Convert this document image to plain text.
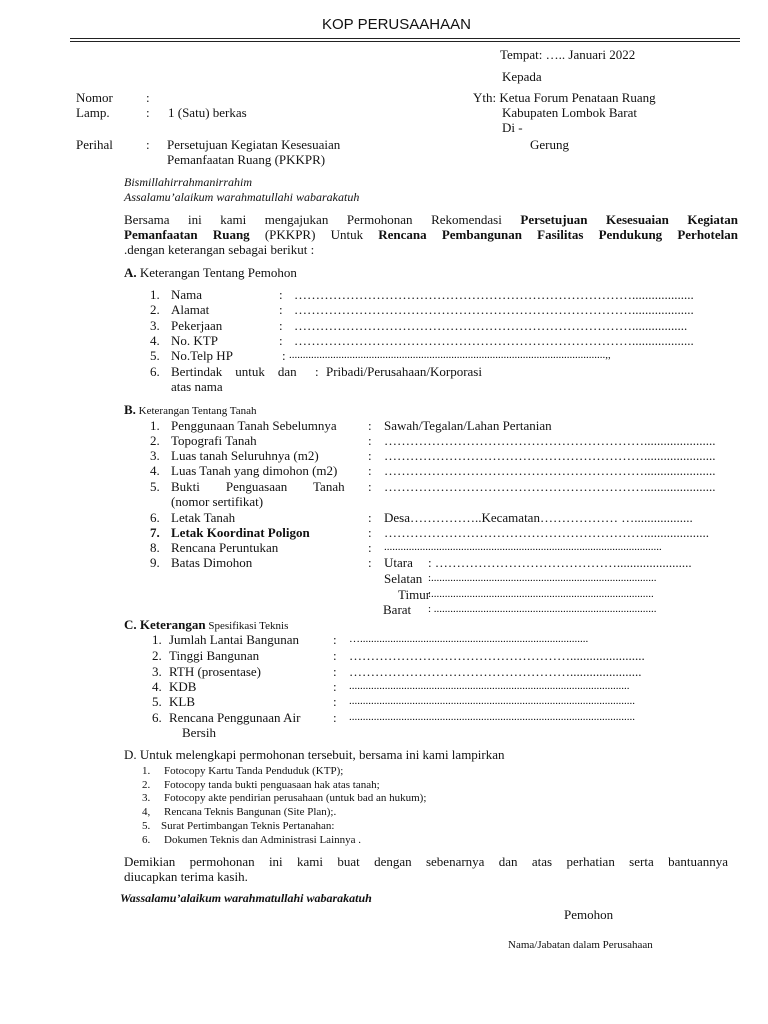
KOP PERUSAAHAAN
Tempat: ….. Januari 2022
Kepada
Yth: Ketua Forum Penataan Ruang
Kabupaten Lombok Barat
Di -
Gerung
Nomor	:
Lamp.	: 1 (Satu) berkas
Perihal	: Persetujuan Kegiatan Kesesuaian
Pemanfaatan Ruang (PKKPR)
Bismillahirrahmanirrahim
Assalamu’alaikum warahmatullahi wabarakatuh
Bersama ini kami mengajukan Permohonan Rekomendasi Persetujuan Kesesuaian Kegiatan
Pemanfaatan Ruang (PKKPR) Untuk Rencana Pembangunan Fasilitas Pendukung Perhotelan
.dengan keterangan sebagai berikut :
A. Keterangan Tentang Pemohon
1. Nama	: ……………………………………………………………………...................
2. Alamat	: ……………………………………………………………………...................
3. Pekerjaan	: …………………………………………………………………….................
4. No. KTP	: ……………………………………………………………………...................
5. No.Telp HP	: ...................................................................................................................,,
6. Bertindak    untuk    dan
atas nama
: Pribadi/Perusahaan/Korporasi
B. Keterangan Tentang Tanah
1. Penggunaan Tanah Sebelumnya : Sawah/Tegalan/Lahan Pertanian
2. Topografi Tanah	: ……………………………………………………......................
3. Luas tanah Seluruhnya (m2)	: ……………………………………………………......................
4. Luas Tanah yang dimohon (m2) : ……………………………………………………......................
5. Bukti        Penguasaan        Tanah
(nomor sertifikat)
: ……………………………………………………......................
6. Letak Tanah	: Desa……………..Kecamatan……………… …..................
7. Letak Koordinat Poligon	: ……………………………………………………....................
8. Rencana Peruntukan	: .....................................................................................................
9. Batas Dimohon	: Utara : …………………………………….......................
Selatan :..................................................................................
Timur
:.................................................................................
Barat : .................................................................................
C. Keterangan Spesifikasi Teknis
1. Jumlah Lantai Bangunan	: …...................................................................................
2. Tinggi Bangunan	: …………………………………………….......................
3. RTH (prosentase)	: ……………………………………………......................
4. KDB	: ......................................................................................................
5. KLB	: ........................................................................................................
6. Rencana Penggunaan Air
Bersih
: ........................................................................................................
D. Untuk melengkapi permohonan tersebuit, bersama ini kami lampirkan
1. Fotocopy Kartu Tanda Penduduk (KTP);
2. Fotocopy tanda bukti penguasaan hak atas tanah;
3. Fotocopy akte pendirian perusahaan (untuk bad an hukum);
4, Rencana Teknis Bangunan (Site Plan);.
5. Surat Pertimbangan Teknis Pertanahan:
6. Dokumen Teknis dan Administrasi Lainnya .
Demikian permohonan ini kami buat dengan sebenarnya dan atas perhatian serta bantuannya
diucapkan terima kasih.
Wassalamu’alaikum warahmatullahi wabarakatuh
Pemohon
Nama/Jabatan dalam Perusahaan
